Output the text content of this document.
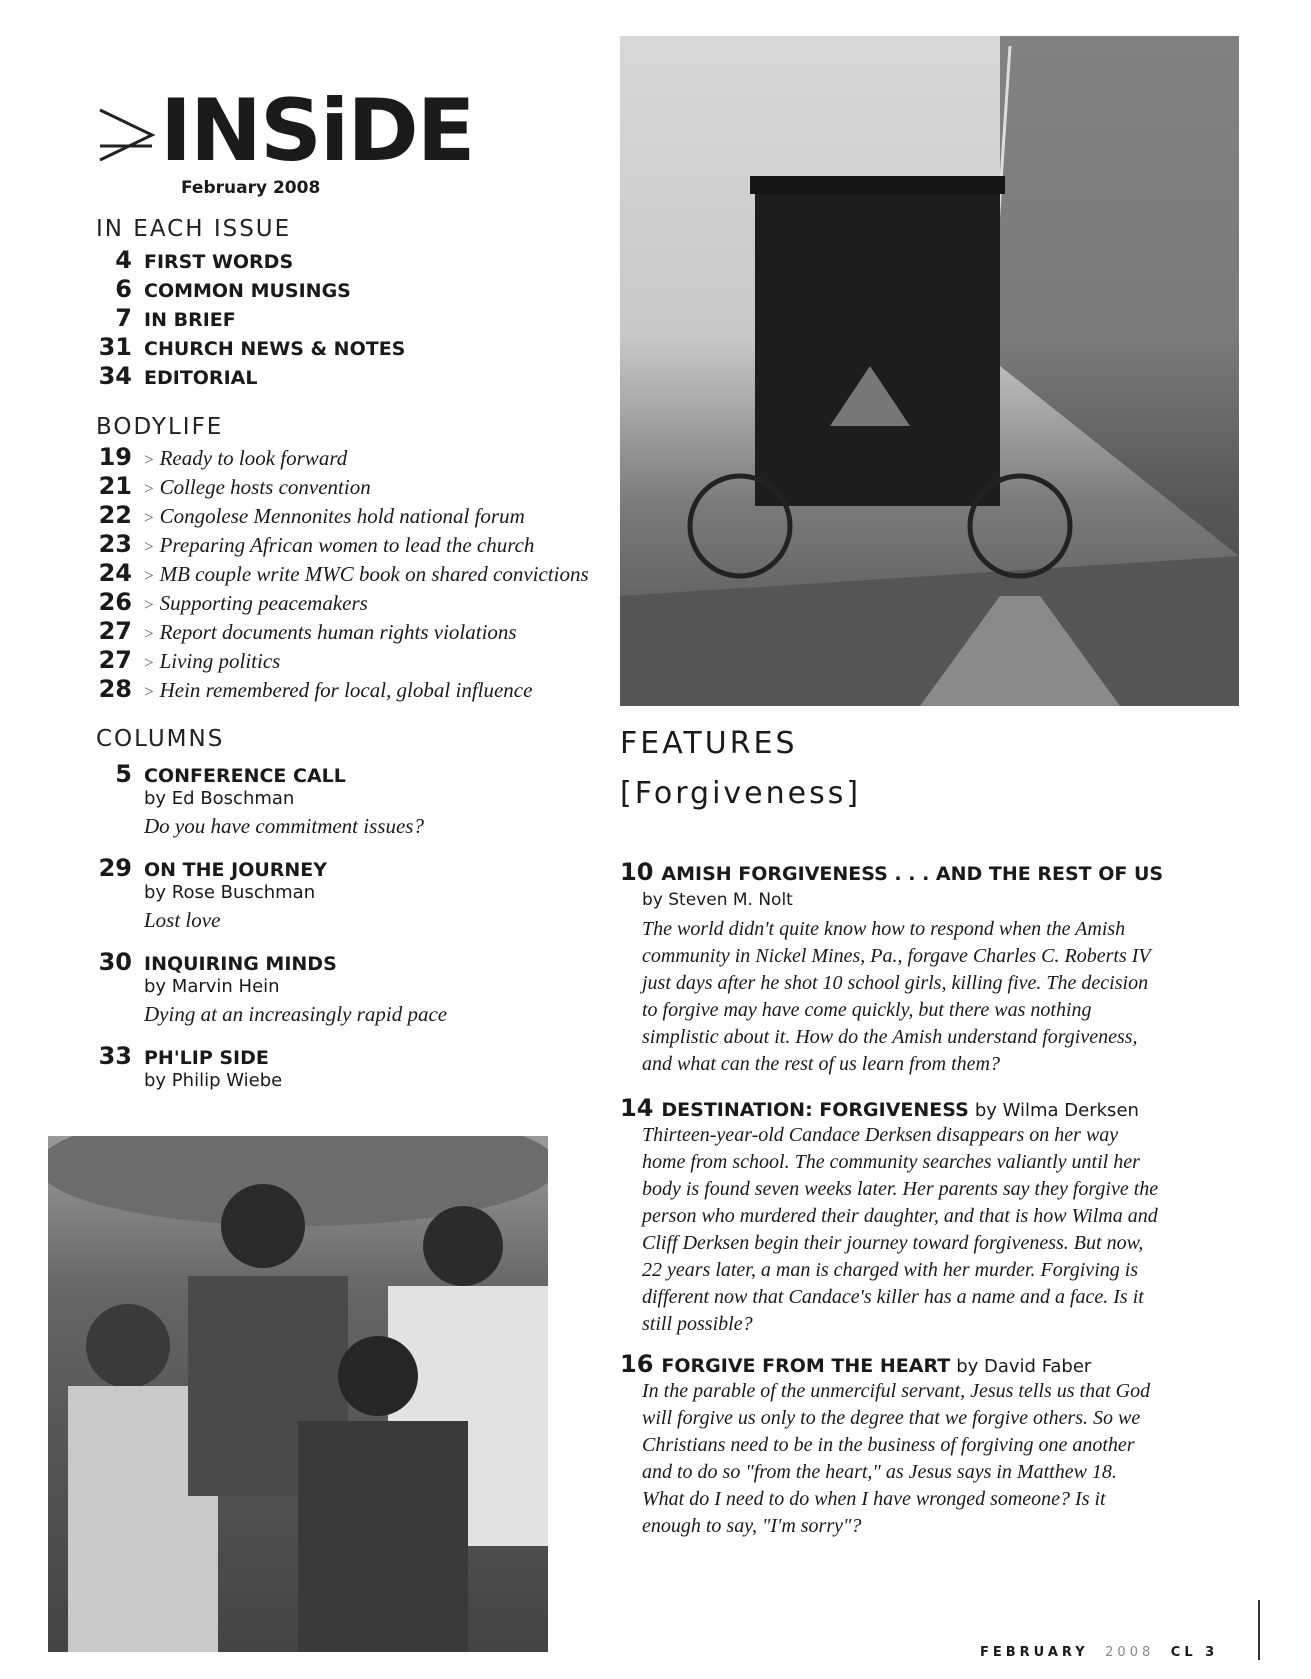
INSiDE
February 2008
IN EACH ISSUE
4 FIRST WORDS
6 COMMON MUSINGS
7 IN BRIEF
31 CHURCH NEWS & NOTES
34 EDITORIAL
BODYLIFE
19 > Ready to look forward
21 > College hosts convention
22 > Congolese Mennonites hold national forum
23 > Preparing African women to lead the church
24 > MB couple write MWC book on shared convictions
26 > Supporting peacemakers
27 > Report documents human rights violations
27 > Living politics
28 > Hein remembered for local, global influence
COLUMNS
5 CONFERENCE CALL
by Ed Boschman
Do you have commitment issues?
29 ON THE JOURNEY
by Rose Buschman
Lost love
30 INQUIRING MINDS
by Marvin Hein
Dying at an increasingly rapid pace
33 PH'LIP SIDE
by Philip Wiebe
FEATURES
[Forgiveness]
10 AMISH FORGIVENESS . . . AND THE REST OF US
by Steven M. Nolt
The world didn't quite know how to respond when the Amish community in Nickel Mines, Pa., forgave Charles C. Roberts IV just days after he shot 10 school girls, killing five. The decision to forgive may have come quickly, but there was nothing simplistic about it. How do the Amish understand forgiveness, and what can the rest of us learn from them?
14 DESTINATION: FORGIVENESS by Wilma Derksen
Thirteen-year-old Candace Derksen disappears on her way home from school. The community searches valiantly until her body is found seven weeks later. Her parents say they forgive the person who murdered their daughter, and that is how Wilma and Cliff Derksen begin their journey toward forgiveness. But now, 22 years later, a man is charged with her murder. Forgiving is different now that Candace's killer has a name and a face. Is it still possible?
16 FORGIVE FROM THE HEART by David Faber
In the parable of the unmerciful servant, Jesus tells us that God will forgive us only to the degree that we forgive others. So we Christians need to be in the business of forgiving one another and to do so "from the heart," as Jesus says in Matthew 18. What do I need to do when I have wronged someone? Is it enough to say, "I'm sorry"?
FEBRUARY 2008 CL 3
